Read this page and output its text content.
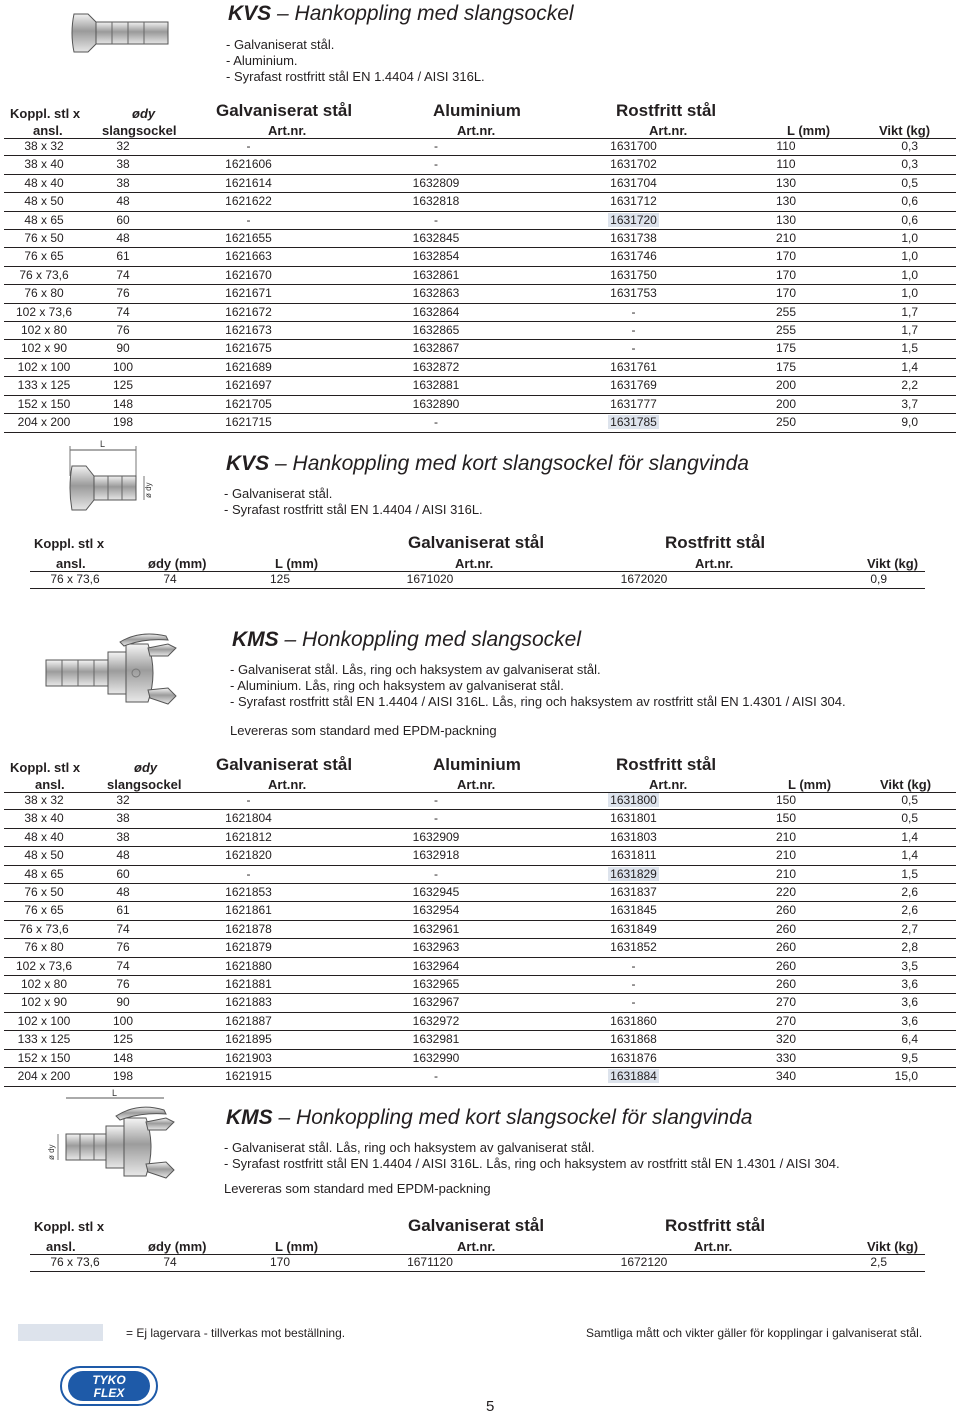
KVS – Hankoppling med slangsockel
- Galvaniserat stål.
- Aluminium.
- Syrafast rostfritt stål EN 1.4404 / AISI 316L.
Koppl. stl x	ødy	Galvaniserat stål	Aluminium	Rostfritt stål
ansl.	slangsockel	Art.nr.	Art.nr.	Art.nr.	L (mm)	Vikt (kg)
38 x 32	32	-	-	1631700	110	0,3
38 x 40	38	1621606	-	1631702	110	0,3
48 x 40	38	1621614	1632809	1631704	130	0,5
48 x 50	48	1621622	1632818	1631712	130	0,6
48 x 65	60	-	-	1631720	130	0,6
76 x 50	48	1621655	1632845	1631738	210	1,0
76 x 65	61	1621663	1632854	1631746	170	1,0
76 x 73,6	74	1621670	1632861	1631750	170	1,0
76 x 80	76	1621671	1632863	1631753	170	1,0
102 x 73,6	74	1621672	1632864	-	255	1,7
102 x 80	76	1621673	1632865	-	255	1,7
102 x 90	90	1621675	1632867	-	175	1,5
102 x 100	100	1621689	1632872	1631761	175	1,4
133 x 125	125	1621697	1632881	1631769	200	2,2
152 x 150	148	1621705	1632890	1631777	200	3,7
204 x 200	198	1621715	-	1631785	250	9,0
L
ø dy
KVS – Hankoppling med kort slangsockel för slangvinda
- Galvaniserat stål.
- Syrafast rostfritt stål EN 1.4404 / AISI 316L.
Koppl. stl x	Galvaniserat stål	Rostfritt stål
ansl.	ødy (mm)	L (mm)	Art.nr.	Art.nr.	Vikt (kg)
76 x 73,6	74	125	1671020	1672020	0,9
KMS – Honkoppling med slangsockel
- Galvaniserat stål. Lås, ring och haksystem av galvaniserat stål.
- Aluminium. Lås, ring och haksystem av galvaniserat stål.
- Syrafast rostfritt stål EN 1.4404 / AISI 316L. Lås, ring och haksystem av rostfritt stål EN 1.4301 / AISI 304.
Levereras som standard med EPDM-packning
Koppl. stl x	ødy	Galvaniserat stål	Aluminium	Rostfritt stål
ansl.	slangsockel	Art.nr.	Art.nr.	Art.nr.	L (mm)	Vikt (kg)
38 x 32	32	-	-	1631800	150	0,5
38 x 40	38	1621804	-	1631801	150	0,5
48 x 40	38	1621812	1632909	1631803	210	1,4
48 x 50	48	1621820	1632918	1631811	210	1,4
48 x 65	60	-	-	1631829	210	1,5
76 x 50	48	1621853	1632945	1631837	220	2,6
76 x 65	61	1621861	1632954	1631845	260	2,6
76 x 73,6	74	1621878	1632961	1631849	260	2,7
76 x 80	76	1621879	1632963	1631852	260	2,8
102 x 73,6	74	1621880	1632964	-	260	3,5
102 x 80	76	1621881	1632965	-	260	3,6
102 x 90	90	1621883	1632967	-	270	3,6
102 x 100	100	1621887	1632972	1631860	270	3,6
133 x 125	125	1621895	1632981	1631868	320	6,4
152 x 150	148	1621903	1632990	1631876	330	9,5
204 x 200	198	1621915	-	1631884	340	15,0
L
ø dy
KMS – Honkoppling med kort slangsockel för slangvinda
- Galvaniserat stål. Lås, ring och haksystem av galvaniserat stål.
- Syrafast rostfritt stål EN 1.4404 / AISI 316L. Lås, ring och haksystem av rostfritt stål EN 1.4301 / AISI 304.
Levereras som standard med EPDM-packning
Koppl. stl x	Galvaniserat stål	Rostfritt stål
ansl.	ødy (mm)	L (mm)	Art.nr.	Art.nr.	Vikt (kg)
76 x 73,6	74	170	1671120	1672120	2,5
= Ej lagervara - tillverkas mot beställning.	Samtliga mått och vikter gäller för kopplingar i galvaniserat stål.
TYKO
FLEX
5
